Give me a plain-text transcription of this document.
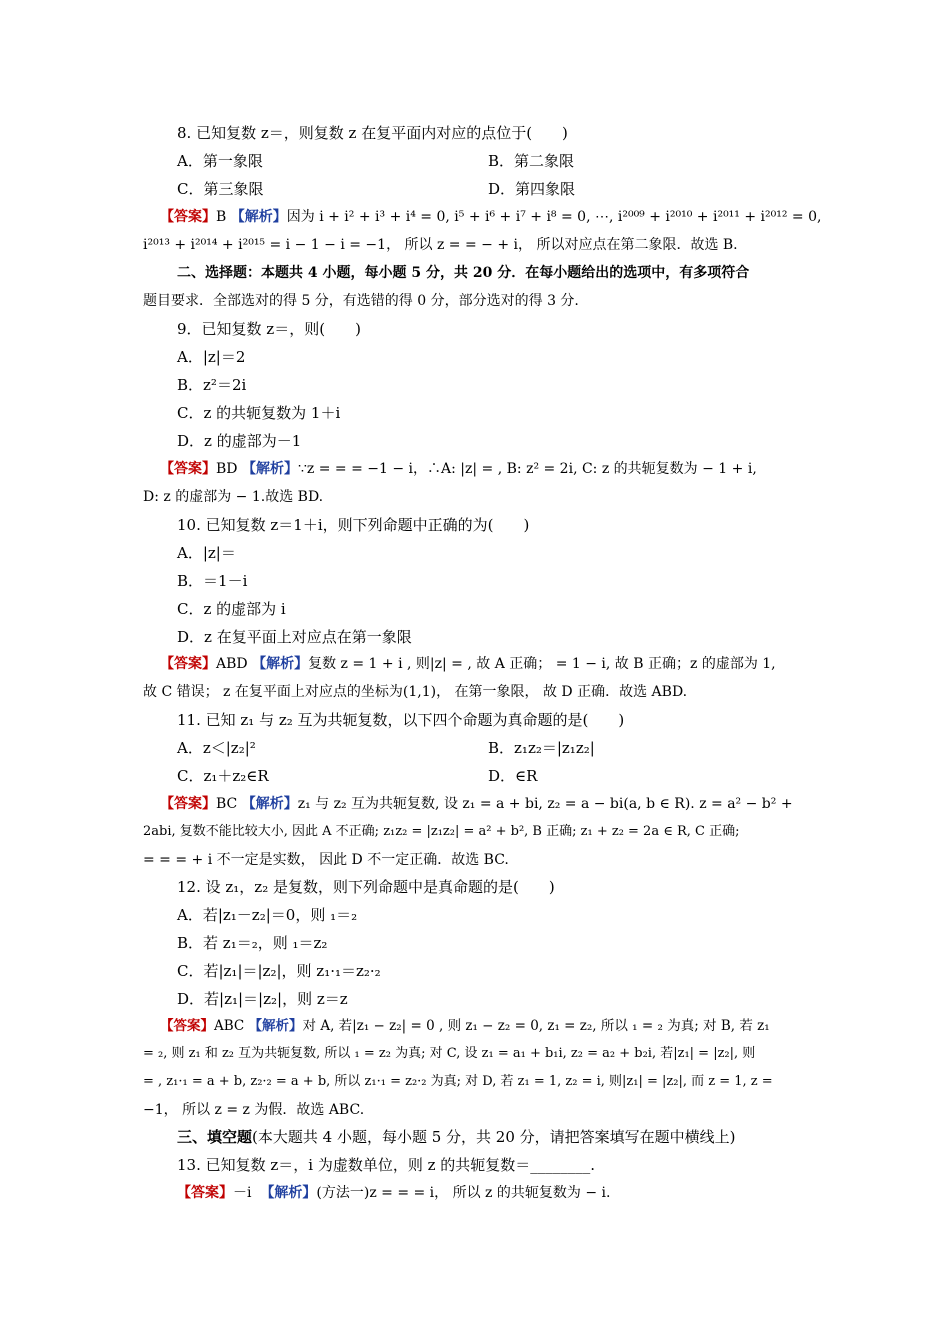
8. 已知复数 z＝，则复数 z 在复平面内对应的点位于(　　)
A．第一象限	B．第二象限
C．第三象限	D．第四象限
【答案】B 【解析】因为 i + i² + i³ + i⁴ = 0, i⁵ + i⁶ + i⁷ + i⁸ = 0, ⋯, i²⁰⁰⁹ + i²⁰¹⁰ + i²⁰¹¹ + i²⁰¹² = 0,
i²⁰¹³ + i²⁰¹⁴ + i²⁰¹⁵ = i − 1 − i = −1， 所以 z = = − + i， 所以对应点在第二象限．故选 B.
二、选择题：本题共 4 小题，每小题 5 分，共 20 分．在每小题给出的选项中，有多项符合
题目要求．全部选对的得 5 分，有选错的得 0 分，部分选对的得 3 分.
9．已知复数 z＝，则(　　)
A．|z|＝2
B．z²＝2i
C．z 的共轭复数为 1＋i
D．z 的虚部为－1
【答案】BD 【解析】∵z = = = −1 − i，∴A: |z| = , B: z² = 2i, C: z 的共轭复数为 − 1 + i,
D: z 的虚部为 − 1.故选 BD.
10. 已知复数 z＝1＋i，则下列命题中正确的为(　　)
A．|z|＝
B．＝1－i
C．z 的虚部为 i
D．z 在复平面上对应点在第一象限
【答案】ABD 【解析】复数 z = 1 + i , 则|z| = , 故 A 正确； = 1 − i, 故 B 正确；z 的虚部为 1,
故 C 错误； z 在复平面上对应点的坐标为(1,1)， 在第一象限， 故 D 正确．故选 ABD.
11. 已知 z₁ 与 z₂ 互为共轭复数，以下四个命题为真命题的是(　　)
A．z＜|z₂|²	B．z₁z₂＝|z₁z₂|
C．z₁＋z₂∈R	D．∈R
【答案】BC 【解析】z₁ 与 z₂ 互为共轭复数, 设 z₁ = a + bi, z₂ = a − bi(a, b ∈ R). z = a² − b² +
2abi, 复数不能比较大小, 因此 A 不正确; z₁z₂ = |z₁z₂| = a² + b², B 正确; z₁ + z₂ = 2a ∈ R, C 正确;
= = = + i 不一定是实数， 因此 D 不一定正确．故选 BC.
12. 设 z₁，z₂ 是复数，则下列命题中是真命题的是(　　)
A．若|z₁－z₂|＝0，则 ₁＝₂
B．若 z₁＝₂，则 ₁＝z₂
C．若|z₁|＝|z₂|，则 z₁·₁＝z₂·₂
D．若|z₁|＝|z₂|，则 z＝z
【答案】ABC 【解析】对 A, 若|z₁ − z₂| = 0 , 则 z₁ − z₂ = 0, z₁ = z₂, 所以 ₁ = ₂ 为真; 对 B, 若 z₁
= ₂, 则 z₁ 和 z₂ 互为共轭复数, 所以 ₁ = z₂ 为真; 对 C, 设 z₁ = a₁ + b₁i, z₂ = a₂ + b₂i, 若|z₁| = |z₂|, 则
= , z₁·₁ = a + b, z₂·₂ = a + b, 所以 z₁·₁ = z₂·₂ 为真; 对 D, 若 z₁ = 1, z₂ = i, 则|z₁| = |z₂|, 而 z = 1, z =
−1， 所以 z = z 为假．故选 ABC.
三、填空题(本大题共 4 小题，每小题 5 分，共 20 分，请把答案填写在题中横线上)
13. 已知复数 z＝，i 为虚数单位，则 z 的共轭复数＝________.
【答案】－i 【解析】(方法一)z = = = i， 所以 z 的共轭复数为 − i.
